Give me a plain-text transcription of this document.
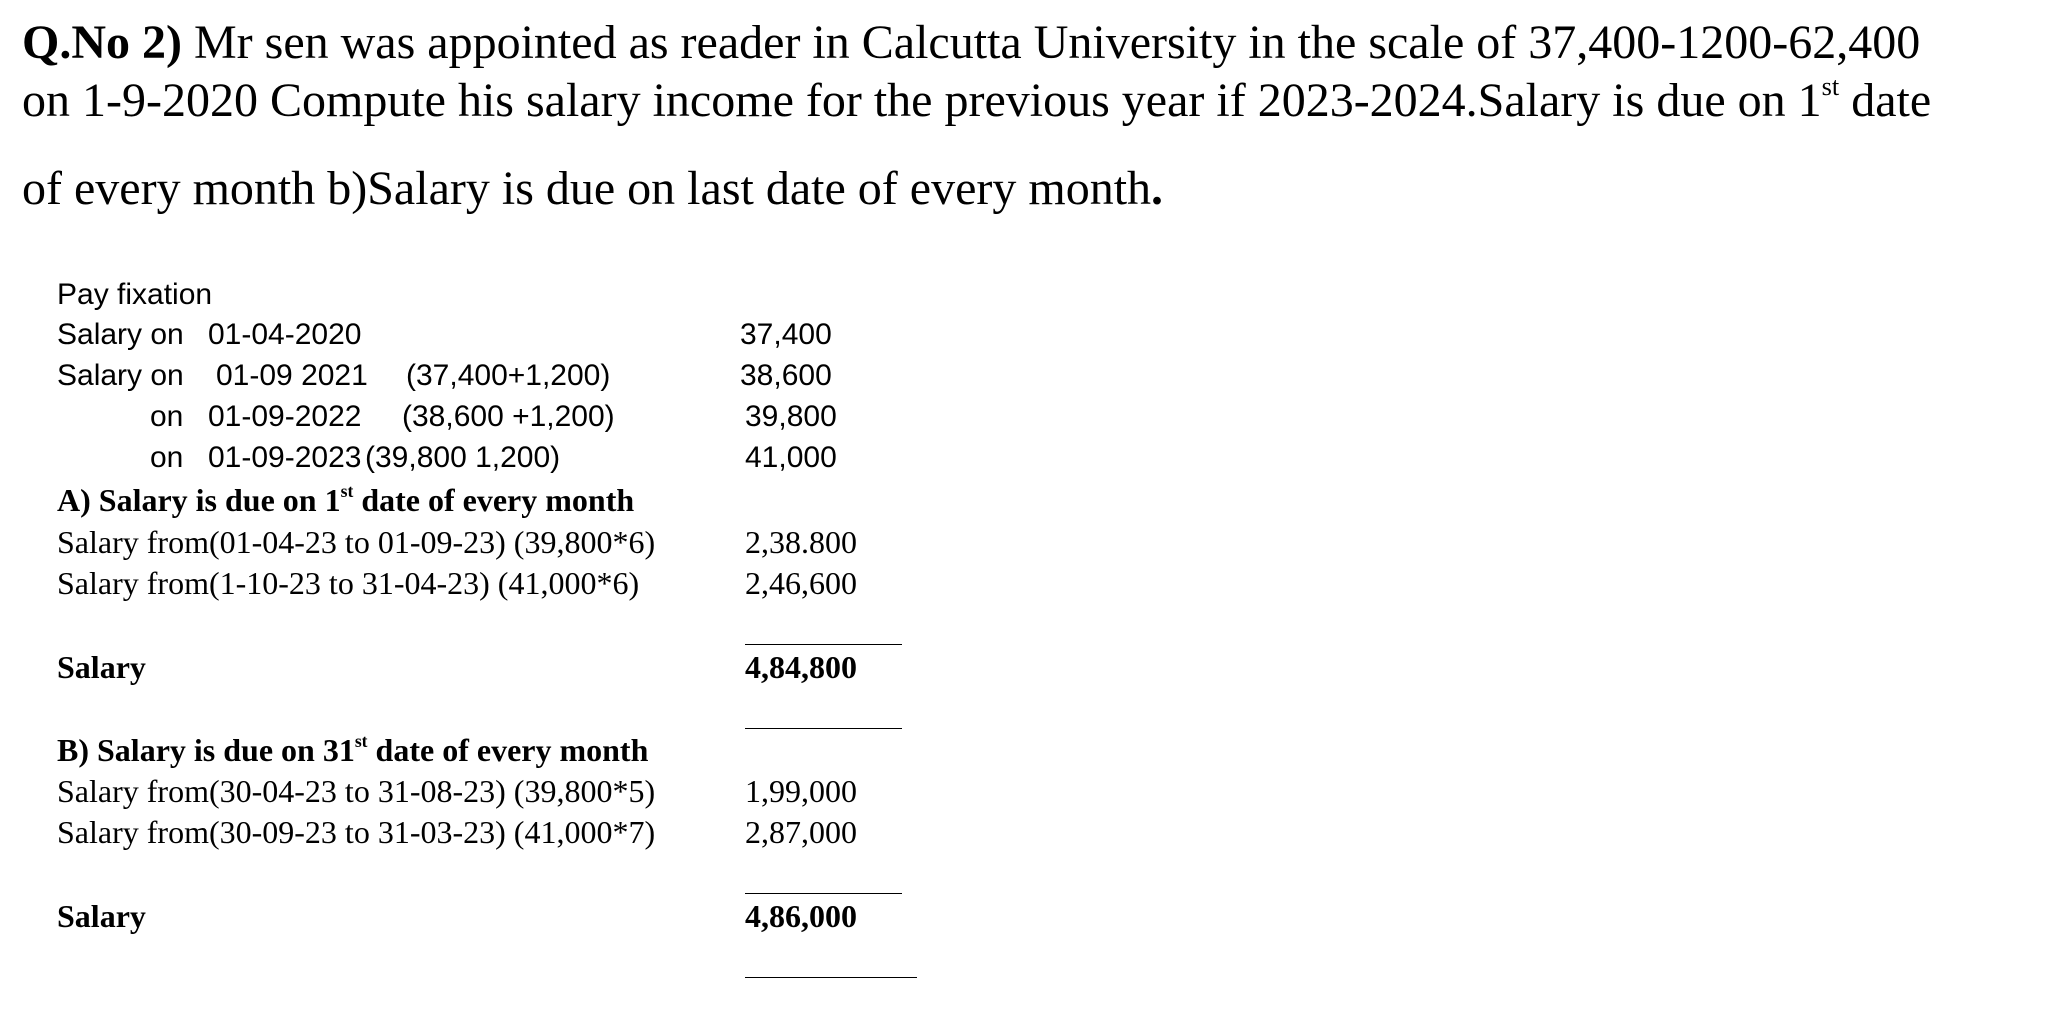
Q.No 2) Mr sen was appointed as reader in Calcutta University in the scale of 37,400-1200-62,400
on 1-9-2020 Compute his salary income for the previous year if 2023-2024.Salary is due on 1st date
of every month b)Salary is due on last date of every month.
Pay fixation
Salary on 01-04-2020	37,400
Salary on 01-09 2021 (37,400+1,200)	38,600
on 01-09-2022 (38,600 +1,200)	39,800
on 01-09-2023 (39,800 1,200)	41,000
A) Salary is due on 1st date of every month
Salary from(01-04-23 to 01-09-23) (39,800*6)	2,38.800
Salary from(1-10-23 to 31-04-23) (41,000*6)	2,46,600
Salary	4,84,800
B) Salary is due on 31st date of every month
Salary from(30-04-23 to 31-08-23) (39,800*5)	1,99,000
Salary from(30-09-23 to 31-03-23) (41,000*7)	2,87,000
Salary	4,86,000
